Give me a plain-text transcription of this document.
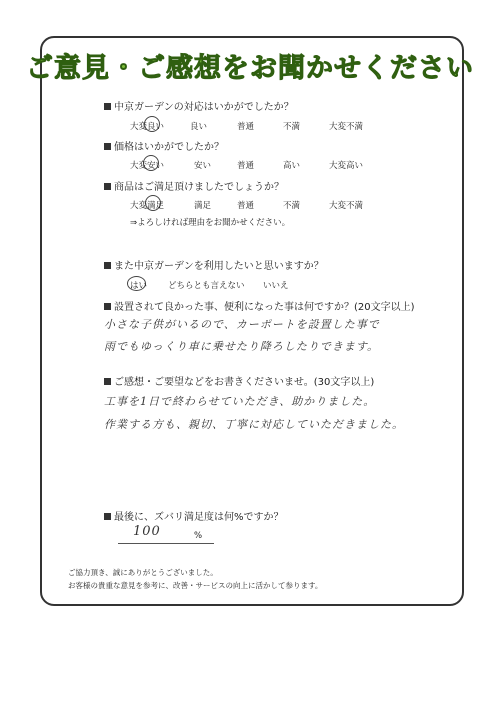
ご意見・ご感想をお聞かせください
中京ガーデンの対応はいかがでしたか？
大変良い	良い	普通	不満	大変不満
価格はいかがでしたか？
大変安い	安い	普通	高い	大変高い
商品はご満足頂けましたでしょうか？
大変満足	満足	普通	不満	大変不満
⇒よろしければ理由をお聞かせください。
また中京ガーデンを利用したいと思いますか？
はい どちらとも言えない いいえ
設置されて良かった事、便利になった事は何ですか？(20文字以上)
小さな子供がいるので、カーポートを設置した事で
雨でもゆっくり車に乗せたり降ろしたりできます。
ご感想・ご要望などをお書きくださいませ。(30文字以上)
工事を1日で終わらせていただき、助かりました。
作業する方も、親切、丁寧に対応していただきました。
最後に、ズバリ満足度は何%ですか？
100	%
ご協力頂き、誠にありがとうございました。
お客様の貴重な意見を参考に、改善・サービスの向上に活かして参ります。
